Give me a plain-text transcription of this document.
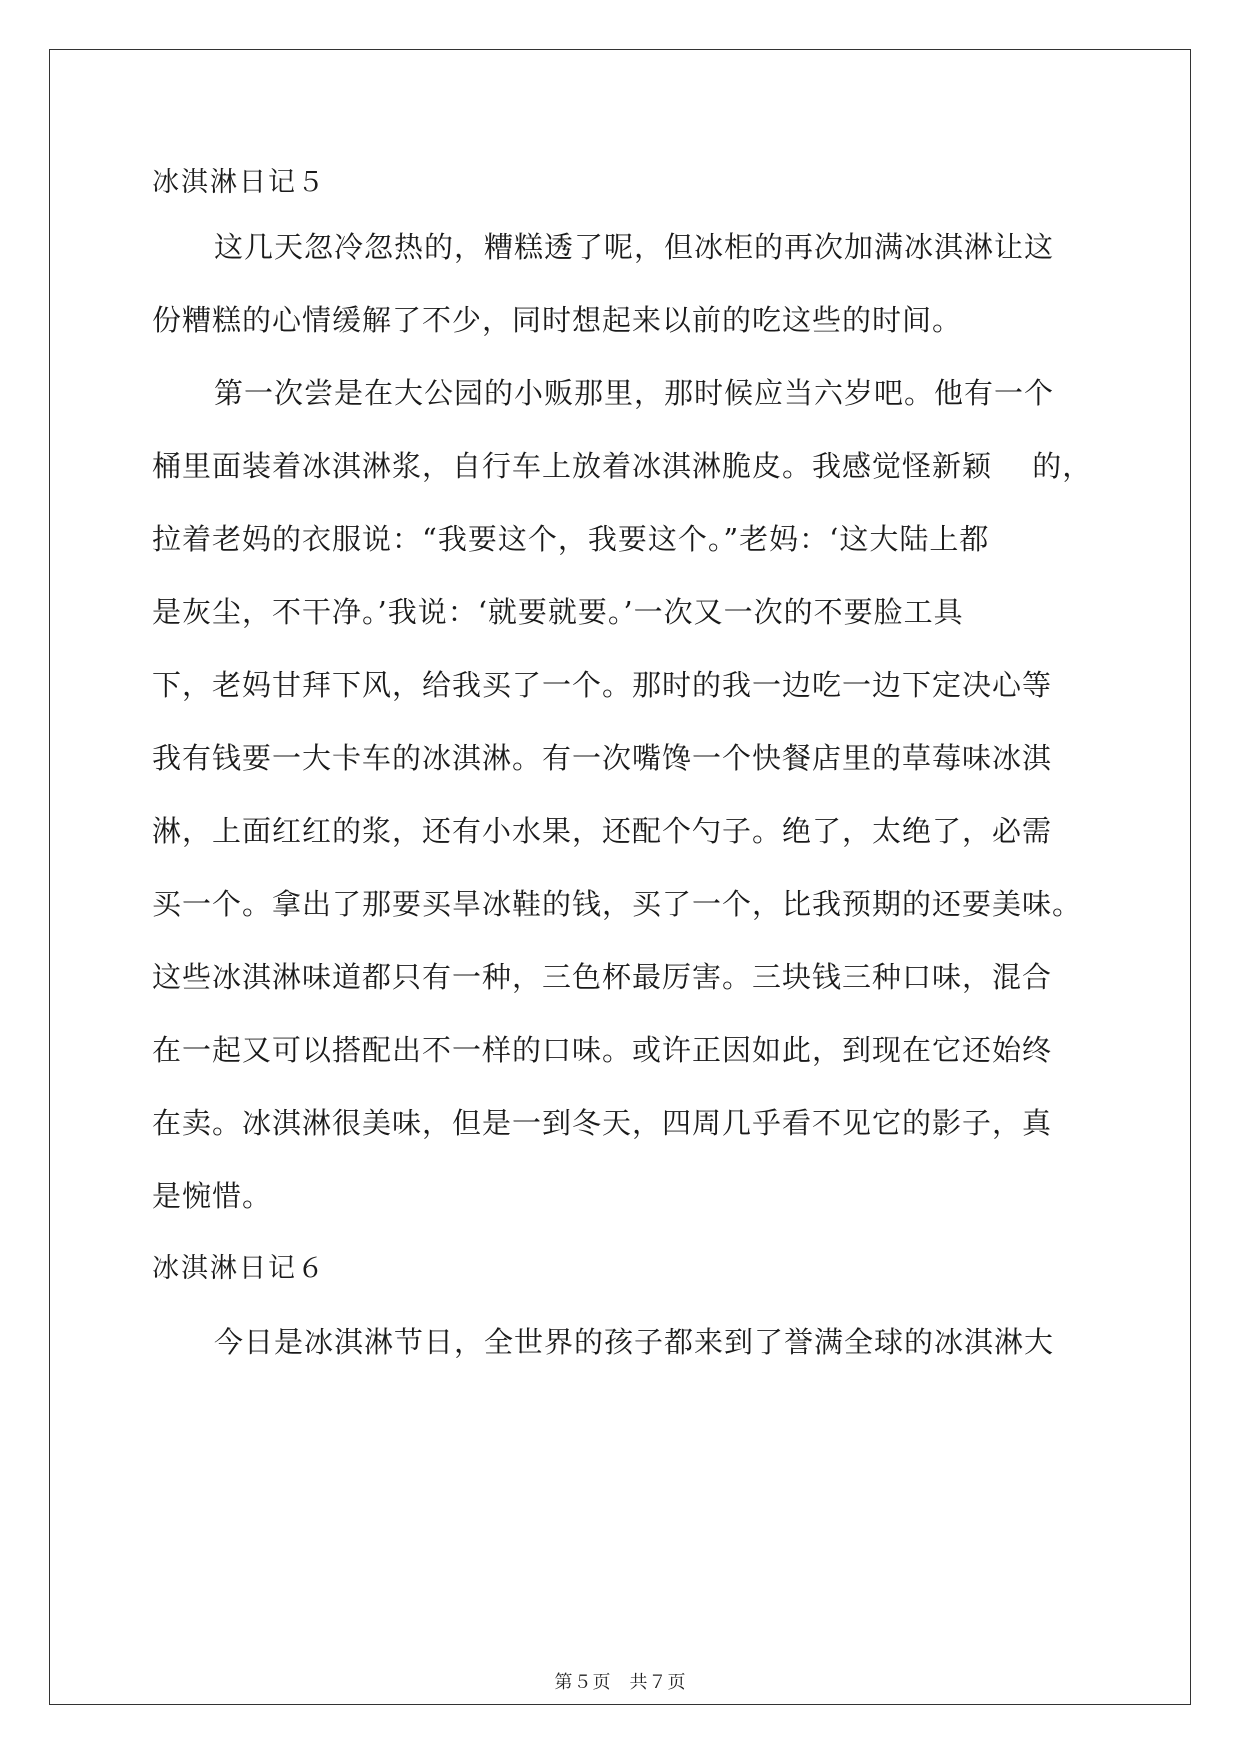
冰淇淋日记５

这几天忽冷忽热的，糟糕透了呢，但冰柜的再次加满冰淇淋让这

份糟糕的心情缓解了不少，同时想起来以前的吃这些的时间。

第一次尝是在大公园的小贩那里，那时候应当六岁吧。他有一个

桶里面装着冰淇淋浆，自行车上放着冰淇淋脆皮。我感觉怪新颖　 的，

拉着老妈的衣服说：“我要这个，我要这个。”老妈：‘这大陆上都

是灰尘，不干净。’我说：‘就要就要。’一次又一次的不要脸工具

下，老妈甘拜下风，给我买了一个。那时的我一边吃一边下定决心等

我有钱要一大卡车的冰淇淋。有一次嘴馋一个快餐店里的草莓味冰淇

淋，上面红红的浆，还有小水果，还配个勺子。绝了，太绝了，必需

买一个。拿出了那要买旱冰鞋的钱，买了一个，比我预期的还要美味。

这些冰淇淋味道都只有一种，三色杯最厉害。三块钱三种口味，混合

在一起又可以搭配出不一样的口味。或许正因如此，到现在它还始终

在卖。冰淇淋很美味，但是一到冬天，四周几乎看不见它的影子，真

是惋惜。

冰淇淋日记６

今日是冰淇淋节日，全世界的孩子都来到了誉满全球的冰淇淋大

第５页 共７页
